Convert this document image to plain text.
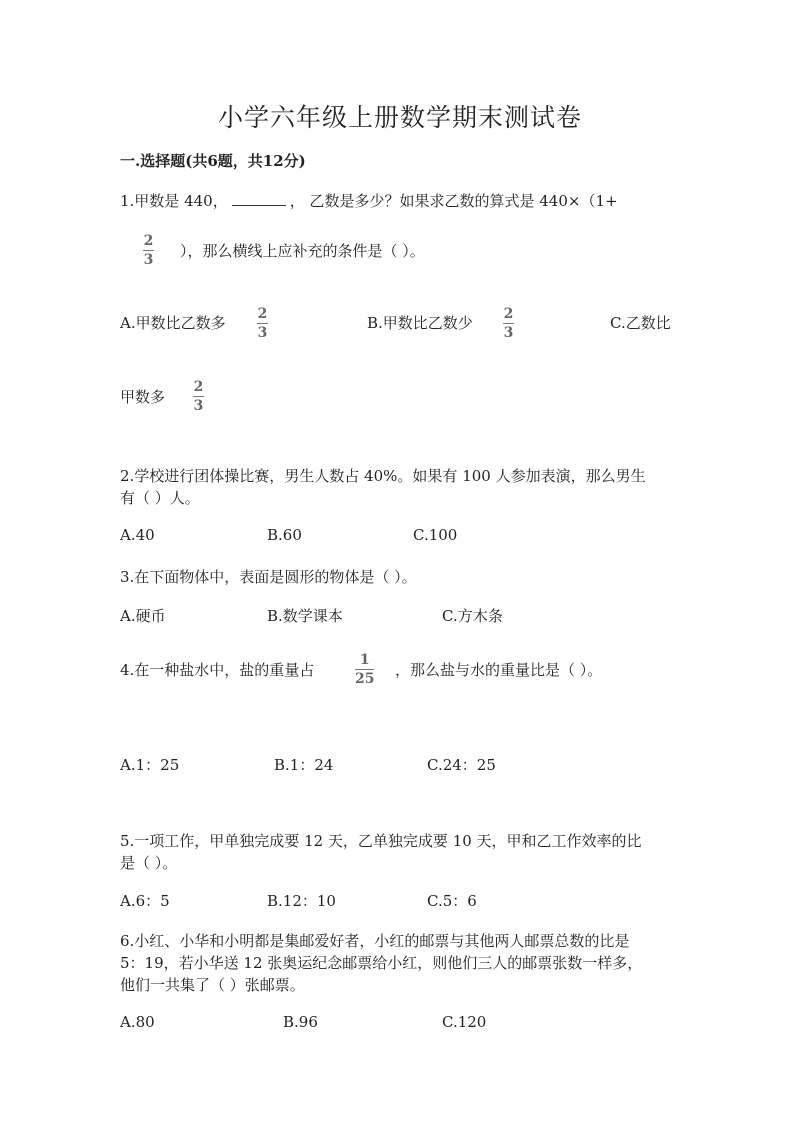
小学六年级上册数学期末测试卷
一.选择题(共6题，共12分)
1.甲数是 440，	， 乙数是多少？如果求乙数的算式是 440×（1+
2
3 ），那么横线上应补充的条件是（ ）。
A.甲数比乙数多 2
3
B.甲数比乙数少 2
3
C.乙数比
甲数多
2
3
2.学校进行团体操比赛，男生人数占 40%。如果有 100 人参加表演，那么男生
有（ ）人。
A.40	B.60	C.100
3.在下面物体中，表面是圆形的物体是（ ）。
A.硬币	B.数学课本	C.方木条
4.在一种盐水中，盐的重量占
1
25 ，那么盐与水的重量比是（ ）。
A.1：25	B.1：24	C.24：25
5.一项工作，甲单独完成要 12 天，乙单独完成要 10 天，甲和乙工作效率的比
是（ ）。
A.6：5	B.12：10	C.5：6
6.小红、小华和小明都是集邮爱好者，小红的邮票与其他两人邮票总数的比是
5：19，若小华送 12 张奥运纪念邮票给小红，则他们三人的邮票张数一样多，
他们一共集了（ ）张邮票。
A.80	B.96	C.120
